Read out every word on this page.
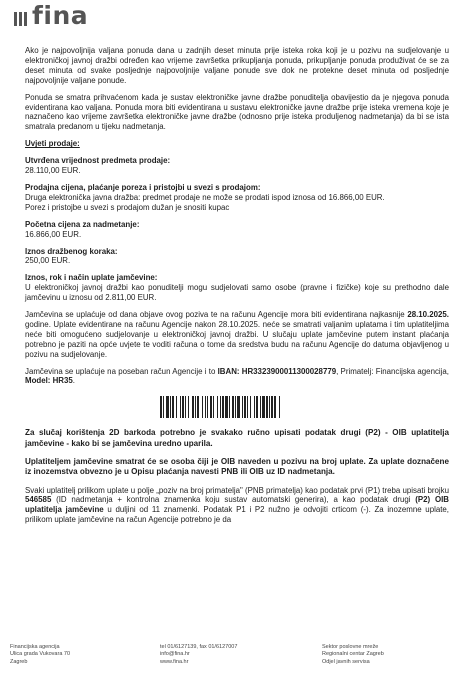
fina

Ako je najpovoljnija valjana ponuda dana u zadnjih deset minuta prije isteka roka koji je u pozivu na sudjelovanje u elektroničkoj javnoj dražbi određen kao vrijeme završetka prikupljanja ponuda, prikupljanje ponuda produživat će se za deset minuta od svake posljednje najpovoljnije valjane ponude sve dok ne protekne deset minuta od posljednje najpovoljnije valjane ponude.

Ponuda se smatra prihvaćenom kada je sustav elektroničke javne dražbe ponuditelja obavijestio da je njegova ponuda evidentirana kao valjana. Ponuda mora biti evidentirana u sustavu elektroničke javne dražbe prije isteka vremena koje je naznačeno kao vrijeme završetka elektroničke javne dražbe (odnosno prije isteka produljenog nadmetanja) da bi se ista smatrala predanom u tijeku nadmetanja.

Uvjeti prodaje:
Utvrđena vrijednost predmeta prodaje:
28.110,00 EUR.
Prodajna cijena, plaćanje poreza i pristojbi u svezi s prodajom:
Druga elektronička javna dražba: predmet prodaje ne može se prodati ispod iznosa od 16.866,00 EUR.
Porez i pristojbe u svezi s prodajom dužan je snositi kupac
Početna cijena za nadmetanje:
16.866,00 EUR.
Iznos dražbenog koraka:
250,00 EUR.
Iznos, rok i način uplate jamčevine:
U elektroničkoj javnoj dražbi kao ponuditelji mogu sudjelovati samo osobe (pravne i fizičke) koje su prethodno dale jamčevinu u iznosu od 2.811,00 EUR.

Jamčevina se uplaćuje od dana objave ovog poziva te na računu Agencije mora biti evidentirana najkasnije 28.10.2025. godine. Uplate evidentirane na računu Agencije nakon 28.10.2025. neće se smatrati valjanim uplatama i tim uplatiteljima neće biti omogućeno sudjelovanje u elektroničkoj javnoj dražbi. U slučaju uplate jamčevine putem instant plaćanja potrebno je paziti na opće uvjete te voditi računa o tome da sredstva budu na računu Agencije do datuma objavljenog u pozivu na sudjelovanje.

Jamčevina se uplaćuje na poseban račun Agencije i to IBAN: HR3323900011300028779, Primatelj: Financijska agencija, Model: HR35.

Za slučaj korištenja 2D barkoda potrebno je svakako ručno upisati podatak drugi (P2) - OIB uplatitelja jamčevine - kako bi se jamčevina uredno uparila.

Uplatiteljem jamčevine smatrat će se osoba čiji je OIB naveden u pozivu na broj uplate. Za uplate doznačene iz inozemstva obvezno je u Opisu plaćanja navesti PNB ili OIB uz ID nadmetanja.

Svaki uplatitelj prilikom uplate u polje „poziv na broj primatelja" (PNB primatelja) kao podatak prvi (P1) treba upisati brojku 546585 (ID nadmetanja + kontrolna znamenka koju sustav automatski generira), a kao podatak drugi (P2) OIB uplatitelja jamčevine u duljini od 11 znamenki. Podatak P1 i P2 nužno je odvojiti crticom (-). Za inozemne uplate, prilikom uplate jamčevine na račun Agencije potrebno je da

Financijska agencija
Ulica grada Vukovara 70
Zagreb
tel 01/6127139, fax 01/6127007
info@fina.hr
www.fina.hr
Sektor poslovne mreže
Regionalni centar Zagreb
Odjel javnih servisa
